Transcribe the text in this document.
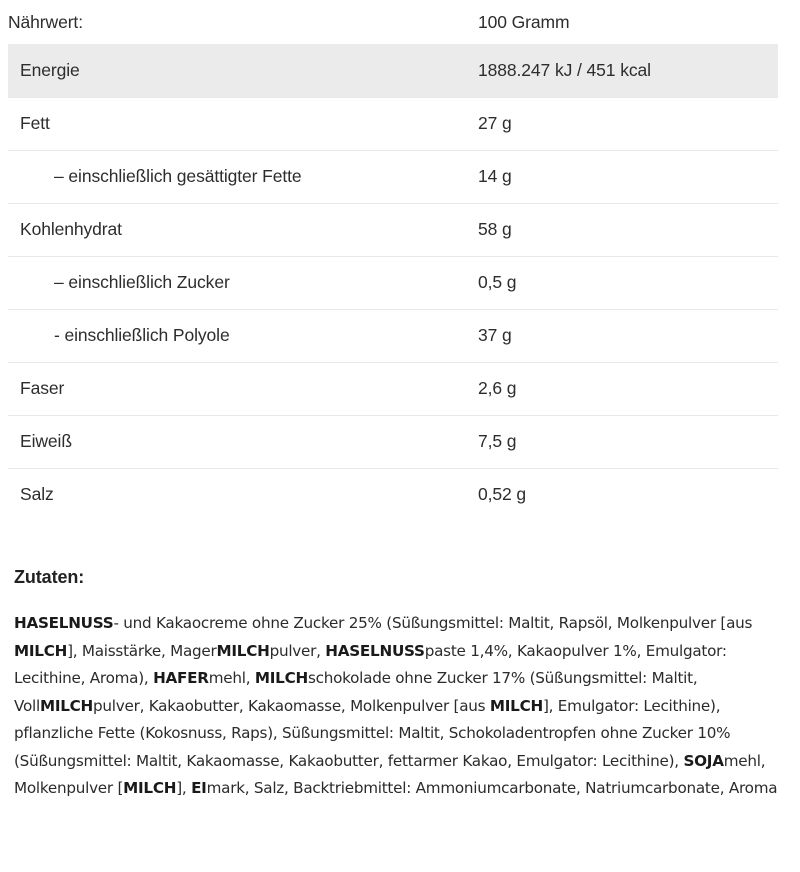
Nährwert:	100 Gramm
Energie	1888.247 kJ / 451 kcal
Fett	27 g
– einschließlich gesättigter Fette	14 g
Kohlenhydrat	58 g
– einschließlich Zucker	0,5 g
- einschließlich Polyole	37 g
Faser	2,6 g
Eiweiß	7,5 g
Salz	0,52 g
Zutaten:

HASELNUSS- und Kakaocreme ohne Zucker 25% (Süßungsmittel: Maltit, Rapsöl, Molkenpulver [aus MILCH], Maisstärke, MagerMILCHpulver, HASELNUSSpaste 1,4%, Kakaopulver 1%, Emulgator: Lecithine, Aroma), HAFERmehl, MILCHschokolade ohne Zucker 17% (Süßungsmittel: Maltit, VollMILCHpulver, Kakaobutter, Kakaomasse, Molkenpulver [aus MILCH], Emulgator: Lecithine), pflanzliche Fette (Kokosnuss, Raps), Süßungsmittel: Maltit, Schokoladentropfen ohne Zucker 10% (Süßungsmittel: Maltit, Kakaomasse, Kakaobutter, fettarmer Kakao, Emulgator: Lecithine), SOJAmehl, Molkenpulver [MILCH], EImark, Salz, Backtriebmittel: Ammoniumcarbonate, Natriumcarbonate, Aroma
